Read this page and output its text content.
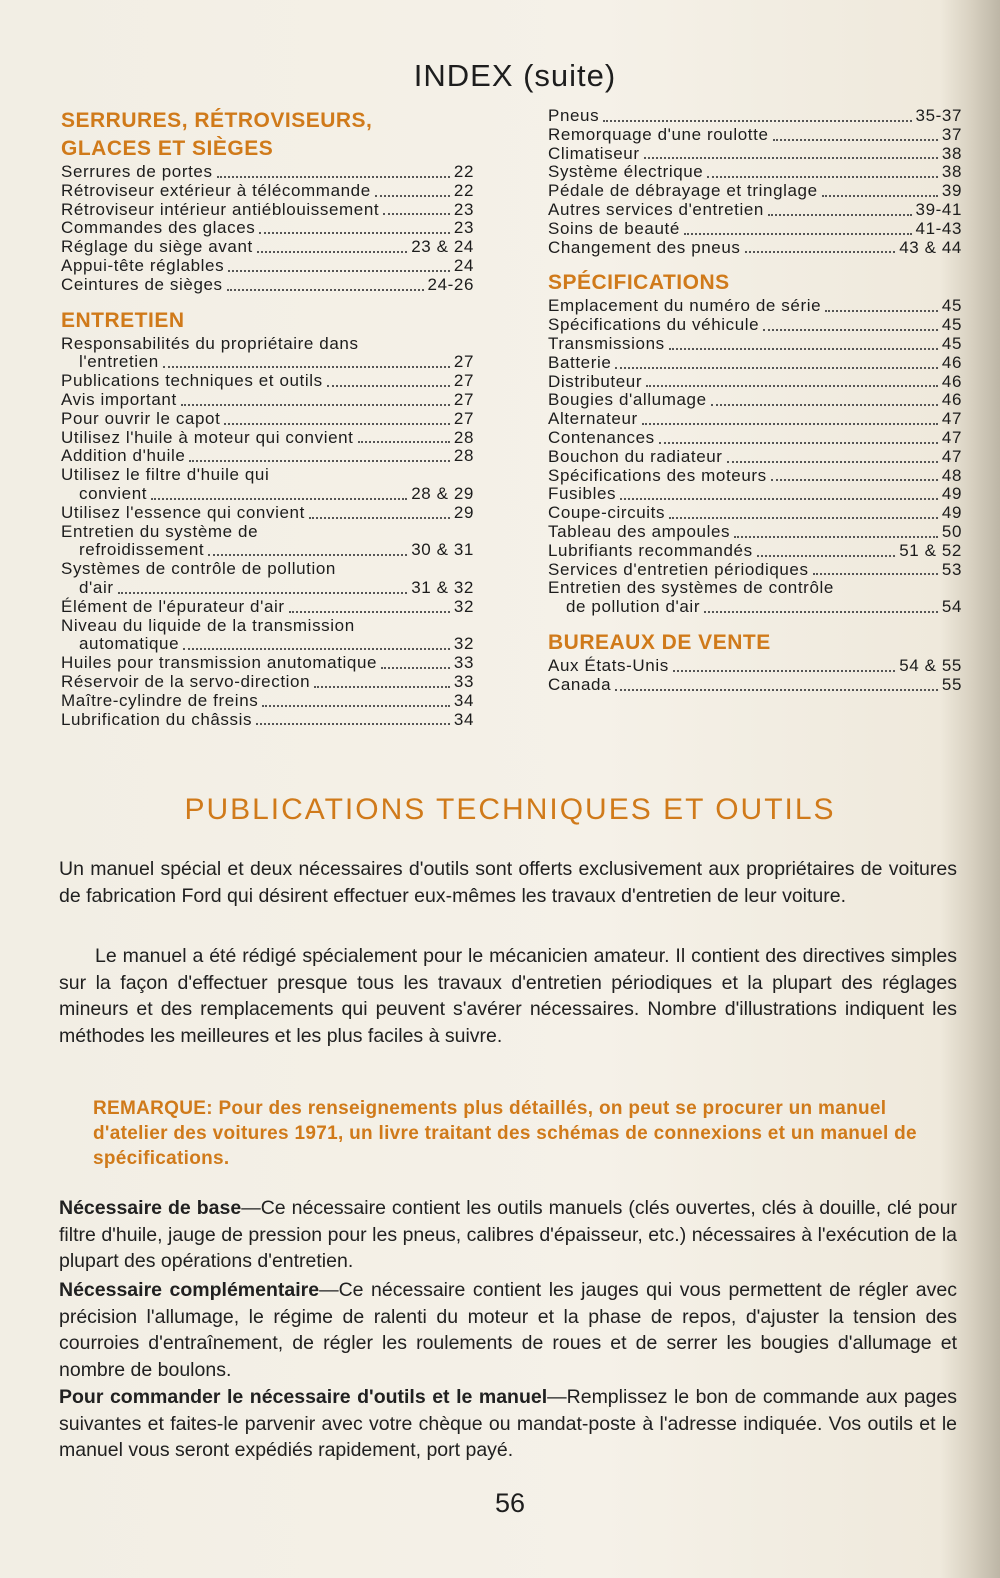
INDEX (suite)
SERRURES, RÉTROVISEURS,
GLACES ET SIÈGES
Serrures de portes	22
Rétroviseur extérieur à télécommande	22
Rétroviseur intérieur antiéblouissement	23
Commandes des glaces	23
Réglage du siège avant	23 & 24
Appui-tête réglables	24
Ceintures de sièges	24-26
ENTRETIEN
Responsabilités du propriétaire dans
l'entretien	27
Publications techniques et outils	27
Avis important	27
Pour ouvrir le capot	27
Utilisez l'huile à moteur qui convient	28
Addition d'huile	28
Utilisez le filtre d'huile qui
convient	28 & 29
Utilisez l'essence qui convient	29
Entretien du système de
refroidissement	30 & 31
Systèmes de contrôle de pollution
d'air	31 & 32
Élément de l'épurateur d'air	32
Niveau du liquide de la transmission
automatique	32
Huiles pour transmission anutomatique	33
Réservoir de la servo-direction	33
Maître-cylindre de freins	34
Lubrification du châssis	34
Pneus	35-37
Remorquage d'une roulotte	37
Climatiseur	38
Système électrique	38
Pédale de débrayage et tringlage	39
Autres services d'entretien	39-41
Soins de beauté	41-43
Changement des pneus	43 & 44
SPÉCIFICATIONS
Emplacement du numéro de série	45
Spécifications du véhicule	45
Transmissions	45
Batterie	46
Distributeur	46
Bougies d'allumage	46
Alternateur	47
Contenances	47
Bouchon du radiateur	47
Spécifications des moteurs	48
Fusibles	49
Coupe-circuits	49
Tableau des ampoules	50
Lubrifiants recommandés	51 & 52
Services d'entretien périodiques	53
Entretien des systèmes de contrôle
de pollution d'air	54
BUREAUX DE VENTE
Aux États-Unis	54 & 55
Canada	55
PUBLICATIONS TECHNIQUES ET OUTILS
Un manuel spécial et deux nécessaires d'outils sont offerts exclusivement aux propriétaires de voitures de fabrication Ford qui désirent effectuer eux-mêmes les travaux d'entretien de leur voiture.
Le manuel a été rédigé spécialement pour le mécanicien amateur. Il contient des directives simples sur la façon d'effectuer presque tous les travaux d'entretien périodiques et la plupart des réglages mineurs et des remplacements qui peuvent s'avérer nécessaires. Nombre d'illustrations indiquent les méthodes les meilleures et les plus faciles à suivre.
REMARQUE: Pour des renseignements plus détaillés, on peut se procurer un manuel d'atelier des voitures 1971, un livre traitant des schémas de connexions et un manuel de spécifications.
Nécessaire de base—Ce nécessaire contient les outils manuels (clés ouvertes, clés à douille, clé pour filtre d'huile, jauge de pression pour les pneus, calibres d'épaisseur, etc.) nécessaires à l'exécution de la plupart des opérations d'entretien.
Nécessaire complémentaire—Ce nécessaire contient les jauges qui vous permettent de régler avec précision l'allumage, le régime de ralenti du moteur et la phase de repos, d'ajuster la tension des courroies d'entraînement, de régler les roulements de roues et de serrer les bougies d'allumage et nombre de boulons.
Pour commander le nécessaire d'outils et le manuel—Remplissez le bon de commande aux pages suivantes et faites-le parvenir avec votre chèque ou mandat-poste à l'adresse indiquée. Vos outils et le manuel vous seront expédiés rapidement, port payé.
56
